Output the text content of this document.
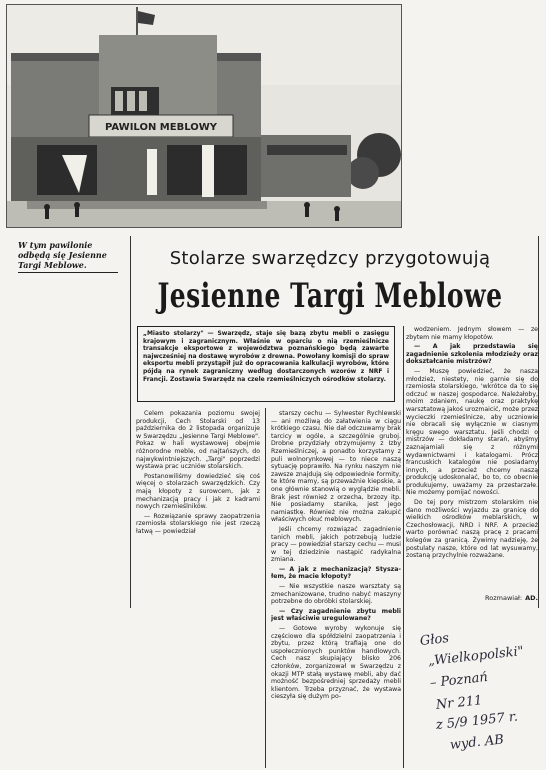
PAWILON MEBLOWY
W tym pawilonie odbędą się Jesienne Targi Meblowe.	Stolarze swarzędzcy przygotowują
Jesienne Targi Meblowe
„Miasto stolarzy" — Swarzędz, staje się bazą zbytu mebli o zasięgu krajowym i zagranicznym. Właśnie w oparciu o nią rzemieślnicze transakcje eksportowe z województwa poznańskiego będą zawarte najwcześniej na dostawę wyrobów z drewna. Powołany komisji do spraw eksportu mebli przystąpił już do opracowania kalkulacji wyrobów, które pójdą na rynek zagraniczny według dostarczonych wzorów z NRF i Francji. Zostawia Swarzędz na czele rzemieślniczych ośrodków stolarzy.

Celem pokazania poziomu swojej produkcji, Cech Stolarski od 13 października do 2 listopada organizuje w Swarzędzu „Jesienne Targi Meblowe". Pokaz w hali wystawowej obejmie różnorodne meble, od najtańszych, do najwykwintniejszych. „Targi" poprzedzi wystawa prac uczniów stolarskich.

Postanowiliśmy dowiedzieć się coś więcej o stolarzach swarzędzkich. Czy mają kłopoty z surowcem, jak z mechanizacją pracy i jak z kadrami nowych rzemieślników.

— Rozwiązanie sprawy zaopatrzenia rzemiosła stolarskiego nie jest rzeczą łatwą — powiedział

starszy cechu — Sylwester Rychlewski — ani możliwą do załatwienia w ciągu krótkiego czasu. Nie dał odczuwamy brak tarcicy w ogóle, a szczególnie gruboj. Drobne przydziały otrzymujemy z Izby Rzemieślniczej, a ponadto korzystamy z puli wolnorynkowej — to niece naszą sytuację poprawiło. Na rynku naszym nie zawsze znajdują się odpowiednie formity, te które mamy, są przeważnie kiepskie, a one głównie stanowią o wyglądzie mebli. Brak jest również z orzecha, brzozy itp. Nie posiadamy stanika, jest jego namiastkę. Również nie można zakupić właściwych okuć meblowych.

Jeśli chcemy rozwiązać zagadnienie tanich mebli, jakich potrzebują ludzie pracy — powiedział starszy cechu — musi w tej dziedzinie nastąpić radykalna zmiana.

— A jak z mechanizacją? Styszałem, że macie kłopoty?

— Nie wszystkie nasze warsztaty są zmechanizowane, trudno nabyć maszyny potrzebne do obróbki stolarskiej.

— Czy zagadnienie zbytu mebli jest właściwie uregulowane?

— Gotowe wyroby wykonuje się częściowo dla spółdzielni zaopatrzenia i zbytu, przez którą trafiają one do uspołecznionych punktów handlowych. Cech nasz skupiający blisko 206 członków, zorganizował w Swarzędzu z okazji MTP stałą wystawę mebli, aby dać możność bezpośredniej sprzedaży mebli klientom. Trzeba przyznać, że wystawa cieszyła się dużym po-

wodzeniem. Jednym słowem — ze zbytem nie mamy kłopotów.

— A jak przedstawia się zagadnienie szkolenia młodzieży oraz dokształcanie mistrzów?

— Muszę powiedzieć, że nasza młodzież, niestety, nie garnie się do rzemiosła stolarskiego, 'wkrótce da to się odczuć w naszej gospodarce. Należałoby, moim zdaniem, naukę oraz praktykę warsztatową jakoś urozmaicić, może przez wycieczki rzemieślnicze, aby uczniowie nie obracali się wyłącznie w ciasnym kręgu swego warsztatu. Jeśli chodzi o mistrzów — dokładamy starań, abyśmy zaznajamiali się z różnymi wydawnictwami i katalogami. Prócz francuskich katalogów nie posiadamy innych, a przecież chcemy naszą produkcję udoskonalać, bo to, co obecnie produkujemy, uważamy za przestarzałe. Nie możemy pomijać nowości.

Do tej pory mistrzom stolarskim nie dano możliwości wyjazdu za granicę do wielkich ośrodków meblarskich, w Czechosłowacji, NRD i NRF. A przecież warto porównać naszą pracę z pracami kolegów za granicą. Żywimy nadzieję, że postulaty nasze, które od lat wysuwamy, zostaną przychylnie rozważane.

Rozmawiał: AD.
Głos
„Wielkopolski"
– Poznań
Nr 211
z 5/9 1957 r.
wyd. AB
